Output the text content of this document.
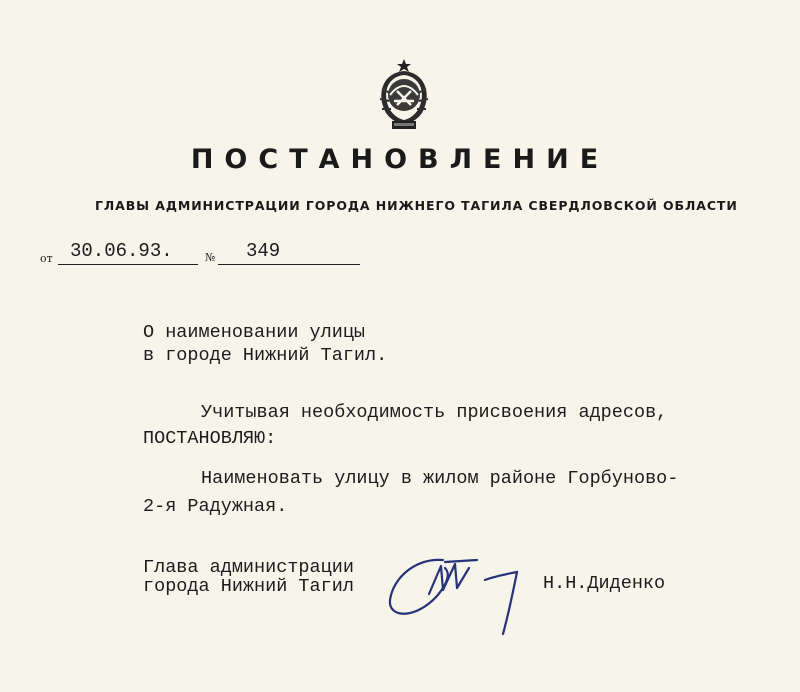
ПОСТАНОВЛЕНИЕ
ГЛАВЫ АДМИНИСТРАЦИИ ГОРОДА НИЖНЕГО ТАГИЛА СВЕРДЛОВСКОЙ ОБЛАСТИ
от 30.06.93.	№ 349
О наименовании улицы
в городе Нижний Тагил.
Учитывая необходимость присвоения адресов,
ПОСТАНОВЛЯЮ:
Наименовать улицу в жилом районе Горбуново-
2-я Радужная.
Глава администрации
города Нижний Тагил	Н.Н.Диденко
